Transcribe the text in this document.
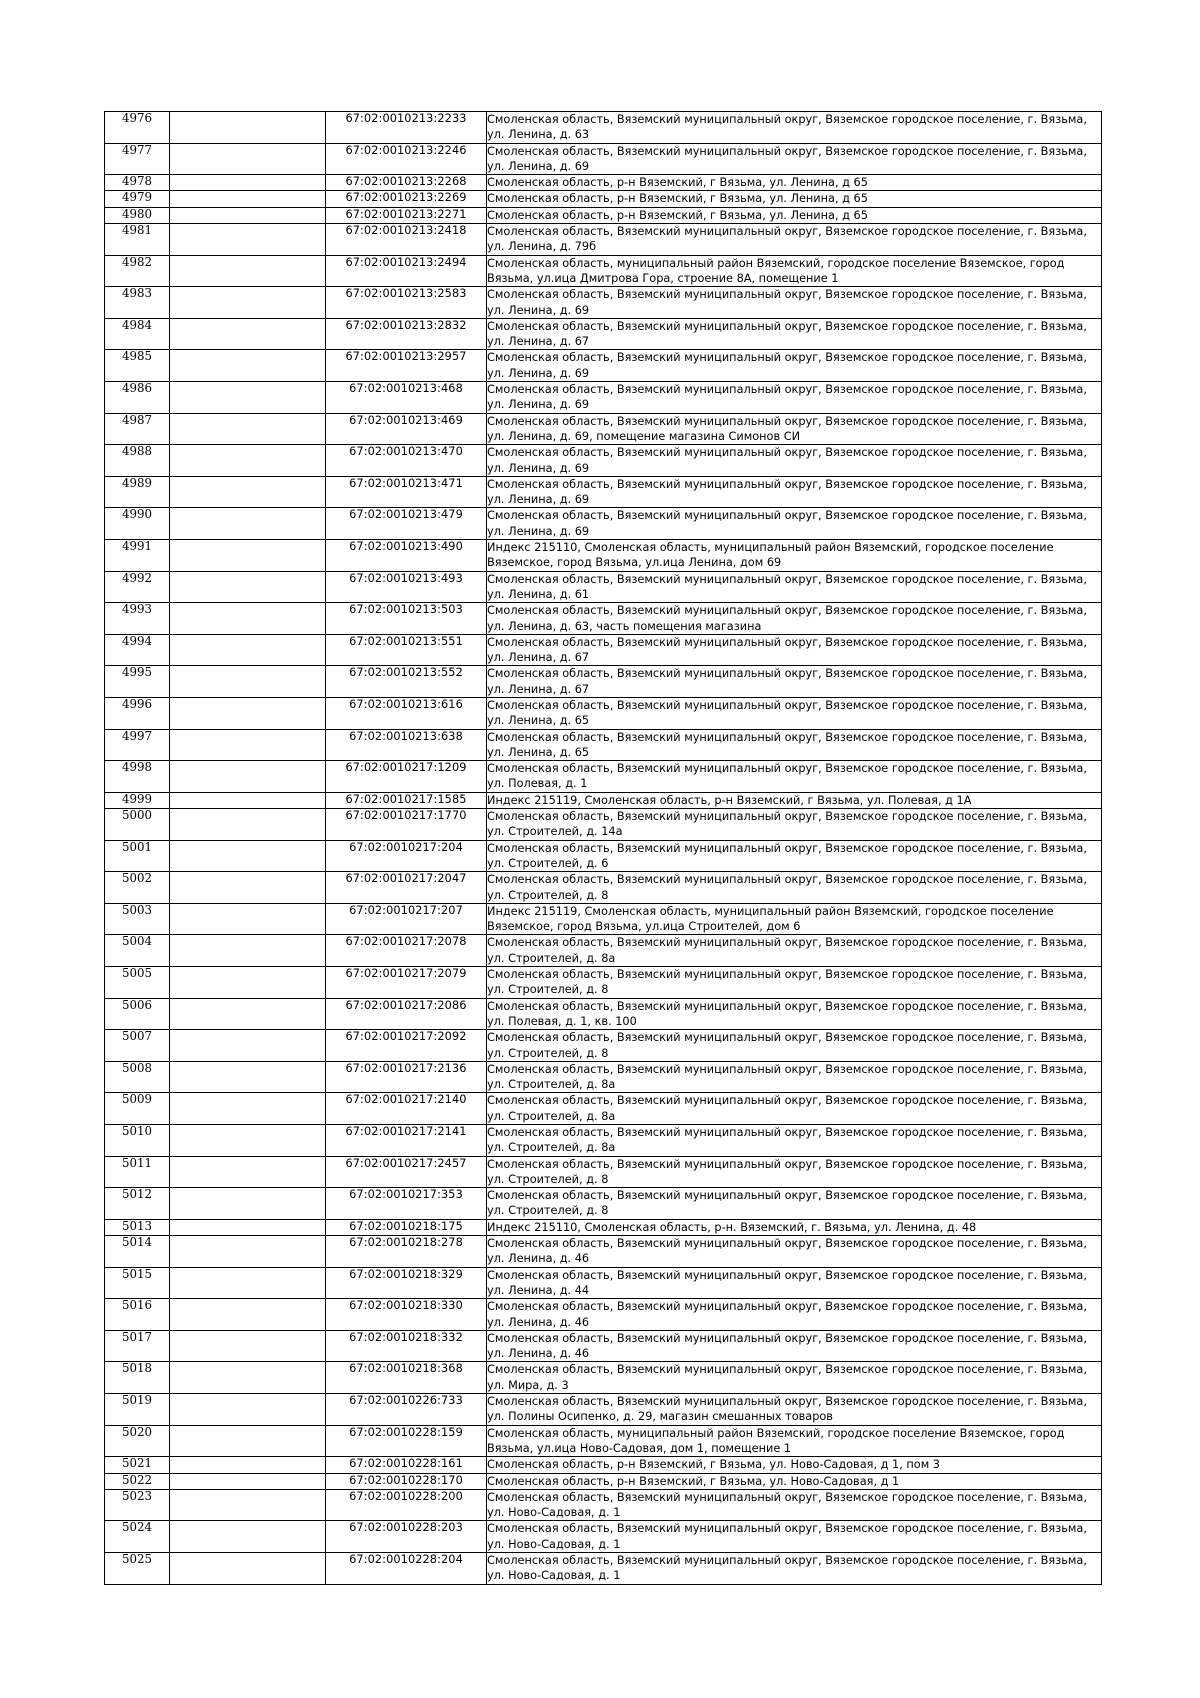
4976		67:02:0010213:2233	Смоленская область, Вяземский муниципальный округ, Вяземское городское поселение, г. Вязьма, ул. Ленина, д. 63
4977		67:02:0010213:2246	Смоленская область, Вяземский муниципальный округ, Вяземское городское поселение, г. Вязьма, ул. Ленина, д. 69
4978		67:02:0010213:2268	Смоленская область, р-н Вяземский, г Вязьма, ул. Ленина, д 65
4979		67:02:0010213:2269	Смоленская область, р-н Вяземский, г Вязьма, ул. Ленина, д 65
4980		67:02:0010213:2271	Смоленская область, р-н Вяземский, г Вязьма, ул. Ленина, д 65
4981		67:02:0010213:2418	Смоленская область, Вяземский муниципальный округ, Вяземское городское поселение, г. Вязьма, ул. Ленина, д. 79б
4982		67:02:0010213:2494	Смоленская область, муниципальный район Вяземский, городское поселение Вяземское, город Вязьма, ул.ица Дмитрова Гора, строение 8А, помещение 1
4983		67:02:0010213:2583	Смоленская область, Вяземский муниципальный округ, Вяземское городское поселение, г. Вязьма, ул. Ленина, д. 69
4984		67:02:0010213:2832	Смоленская область, Вяземский муниципальный округ, Вяземское городское поселение, г. Вязьма, ул. Ленина, д. 67
4985		67:02:0010213:2957	Смоленская область, Вяземский муниципальный округ, Вяземское городское поселение, г. Вязьма, ул. Ленина, д. 69
4986		67:02:0010213:468	Смоленская область, Вяземский муниципальный округ, Вяземское городское поселение, г. Вязьма, ул. Ленина, д. 69
4987		67:02:0010213:469	Смоленская область, Вяземский муниципальный округ, Вяземское городское поселение, г. Вязьма, ул. Ленина, д. 69, помещение магазина Симонов СИ
4988		67:02:0010213:470	Смоленская область, Вяземский муниципальный округ, Вяземское городское поселение, г. Вязьма, ул. Ленина, д. 69
4989		67:02:0010213:471	Смоленская область, Вяземский муниципальный округ, Вяземское городское поселение, г. Вязьма, ул. Ленина, д. 69
4990		67:02:0010213:479	Смоленская область, Вяземский муниципальный округ, Вяземское городское поселение, г. Вязьма, ул. Ленина, д. 69
4991		67:02:0010213:490	Индекс 215110, Смоленская область, муниципальный район Вяземский, городское поселение Вяземское, город Вязьма, ул.ица Ленина, дом 69
4992		67:02:0010213:493	Смоленская область, Вяземский муниципальный округ, Вяземское городское поселение, г. Вязьма, ул. Ленина, д. 61
4993		67:02:0010213:503	Смоленская область, Вяземский муниципальный округ, Вяземское городское поселение, г. Вязьма, ул. Ленина, д. 63, часть помещения магазина
4994		67:02:0010213:551	Смоленская область, Вяземский муниципальный округ, Вяземское городское поселение, г. Вязьма, ул. Ленина, д. 67
4995		67:02:0010213:552	Смоленская область, Вяземский муниципальный округ, Вяземское городское поселение, г. Вязьма, ул. Ленина, д. 67
4996		67:02:0010213:616	Смоленская область, Вяземский муниципальный округ, Вяземское городское поселение, г. Вязьма, ул. Ленина, д. 65
4997		67:02:0010213:638	Смоленская область, Вяземский муниципальный округ, Вяземское городское поселение, г. Вязьма, ул. Ленина, д. 65
4998		67:02:0010217:1209	Смоленская область, Вяземский муниципальный округ, Вяземское городское поселение, г. Вязьма, ул. Полевая, д. 1
4999		67:02:0010217:1585	Индекс 215119, Смоленская область, р-н Вяземский, г Вязьма, ул. Полевая, д 1А
5000		67:02:0010217:1770	Смоленская область, Вяземский муниципальный округ, Вяземское городское поселение, г. Вязьма, ул. Строителей, д. 14а
5001		67:02:0010217:204	Смоленская область, Вяземский муниципальный округ, Вяземское городское поселение, г. Вязьма, ул. Строителей, д. 6
5002		67:02:0010217:2047	Смоленская область, Вяземский муниципальный округ, Вяземское городское поселение, г. Вязьма, ул. Строителей, д. 8
5003		67:02:0010217:207	Индекс 215119, Смоленская область, муниципальный район Вяземский, городское поселение Вяземское, город Вязьма, ул.ица Строителей, дом 6
5004		67:02:0010217:2078	Смоленская область, Вяземский муниципальный округ, Вяземское городское поселение, г. Вязьма, ул. Строителей, д. 8а
5005		67:02:0010217:2079	Смоленская область, Вяземский муниципальный округ, Вяземское городское поселение, г. Вязьма, ул. Строителей, д. 8
5006		67:02:0010217:2086	Смоленская область, Вяземский муниципальный округ, Вяземское городское поселение, г. Вязьма, ул. Полевая, д. 1, кв. 100
5007		67:02:0010217:2092	Смоленская область, Вяземский муниципальный округ, Вяземское городское поселение, г. Вязьма, ул. Строителей, д. 8
5008		67:02:0010217:2136	Смоленская область, Вяземский муниципальный округ, Вяземское городское поселение, г. Вязьма, ул. Строителей, д. 8а
5009		67:02:0010217:2140	Смоленская область, Вяземский муниципальный округ, Вяземское городское поселение, г. Вязьма, ул. Строителей, д. 8а
5010		67:02:0010217:2141	Смоленская область, Вяземский муниципальный округ, Вяземское городское поселение, г. Вязьма, ул. Строителей, д. 8а
5011		67:02:0010217:2457	Смоленская область, Вяземский муниципальный округ, Вяземское городское поселение, г. Вязьма, ул. Строителей, д. 8
5012		67:02:0010217:353	Смоленская область, Вяземский муниципальный округ, Вяземское городское поселение, г. Вязьма, ул. Строителей, д. 8
5013		67:02:0010218:175	Индекс 215110, Смоленская область, р-н. Вяземский, г. Вязьма, ул. Ленина, д. 48
5014		67:02:0010218:278	Смоленская область, Вяземский муниципальный округ, Вяземское городское поселение, г. Вязьма, ул. Ленина, д. 46
5015		67:02:0010218:329	Смоленская область, Вяземский муниципальный округ, Вяземское городское поселение, г. Вязьма, ул. Ленина, д. 44
5016		67:02:0010218:330	Смоленская область, Вяземский муниципальный округ, Вяземское городское поселение, г. Вязьма, ул. Ленина, д. 46
5017		67:02:0010218:332	Смоленская область, Вяземский муниципальный округ, Вяземское городское поселение, г. Вязьма, ул. Ленина, д. 46
5018		67:02:0010218:368	Смоленская область, Вяземский муниципальный округ, Вяземское городское поселение, г. Вязьма, ул. Мира, д. 3
5019		67:02:0010226:733	Смоленская область, Вяземский муниципальный округ, Вяземское городское поселение, г. Вязьма, ул. Полины Осипенко, д. 29, магазин смешанных товаров
5020		67:02:0010228:159	Смоленская область, муниципальный район Вяземский, городское поселение Вяземское, город Вязьма, ул.ица Ново-Садовая, дом 1, помещение 1
5021		67:02:0010228:161	Смоленская область, р-н Вяземский, г Вязьма, ул. Ново-Садовая, д 1, пом 3
5022		67:02:0010228:170	Смоленская область, р-н Вяземский, г Вязьма, ул. Ново-Садовая, д 1
5023		67:02:0010228:200	Смоленская область, Вяземский муниципальный округ, Вяземское городское поселение, г. Вязьма, ул. Ново-Садовая, д. 1
5024		67:02:0010228:203	Смоленская область, Вяземский муниципальный округ, Вяземское городское поселение, г. Вязьма, ул. Ново-Садовая, д. 1
5025		67:02:0010228:204	Смоленская область, Вяземский муниципальный округ, Вяземское городское поселение, г. Вязьма, ул. Ново-Садовая, д. 1
